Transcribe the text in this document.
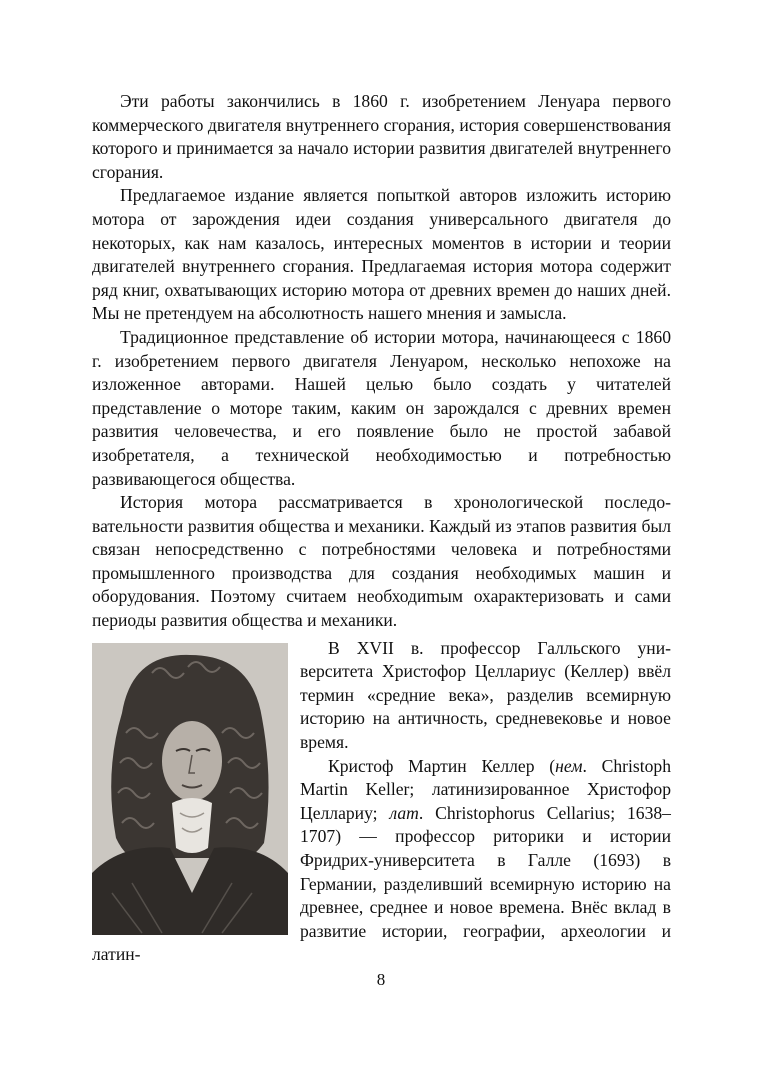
Эти работы закончились в 1860 г. изобретением Ленуара первого коммерческого двигателя внутреннего сгорания, история совершенствования которого и принимается за начало истории развития двигателей внутреннего сгорания.

Предлагаемое издание является попыткой авторов изложить историю мотора от зарождения идеи создания универсального двигателя до некоторых, как нам казалось, интересных моментов в истории и теории двигателей внутреннего сгорания. Предлагаемая история мотора содержит ряд книг, охватывающих историю мотора от древних времен до наших дней. Мы не претендуем на абсолютность нашего мнения и замысла.

Традиционное представление об истории мотора, начинающееся с 1860 г. изобретением первого двигателя Ленуаром, несколько непохоже на изложенное авторами. Нашей целью было создать у читателей представление о моторе таким, каким он зарождался с древних времен развития человечества, и его появление было не простой забавой изобретателя, а технической необходимостью и потребностью развивающегося общества.

История мотора рассматривается в хронологической последовательности развития общества и механики. Каждый из этапов развития был связан непосредственно с потребностями человека и потребностями промышленного производства для создания необходимых машин и оборудования. Поэтому считаем необходиmым охарактеризовать и сами периоды развития общества и механики.

В XVII в. профессор Галльского университета Христофор Целлариус (Келлер) ввёл термин «средние века», разделив всемирную историю на античность, средневековье и новое время.

Кристоф Мартин Келлер (нем. Christoph Martin Keller; латинизированное Христофор Целлариу; лат. Christophorus Cellarius; 1638–1707) — профессор риторики и истории Фридрих-университета в Галле (1693) в Германии, разделивший всемирную историю на древнее, среднее и новое времена. Внёс вклад в развитие истории, географии, археологии и латин-

8
